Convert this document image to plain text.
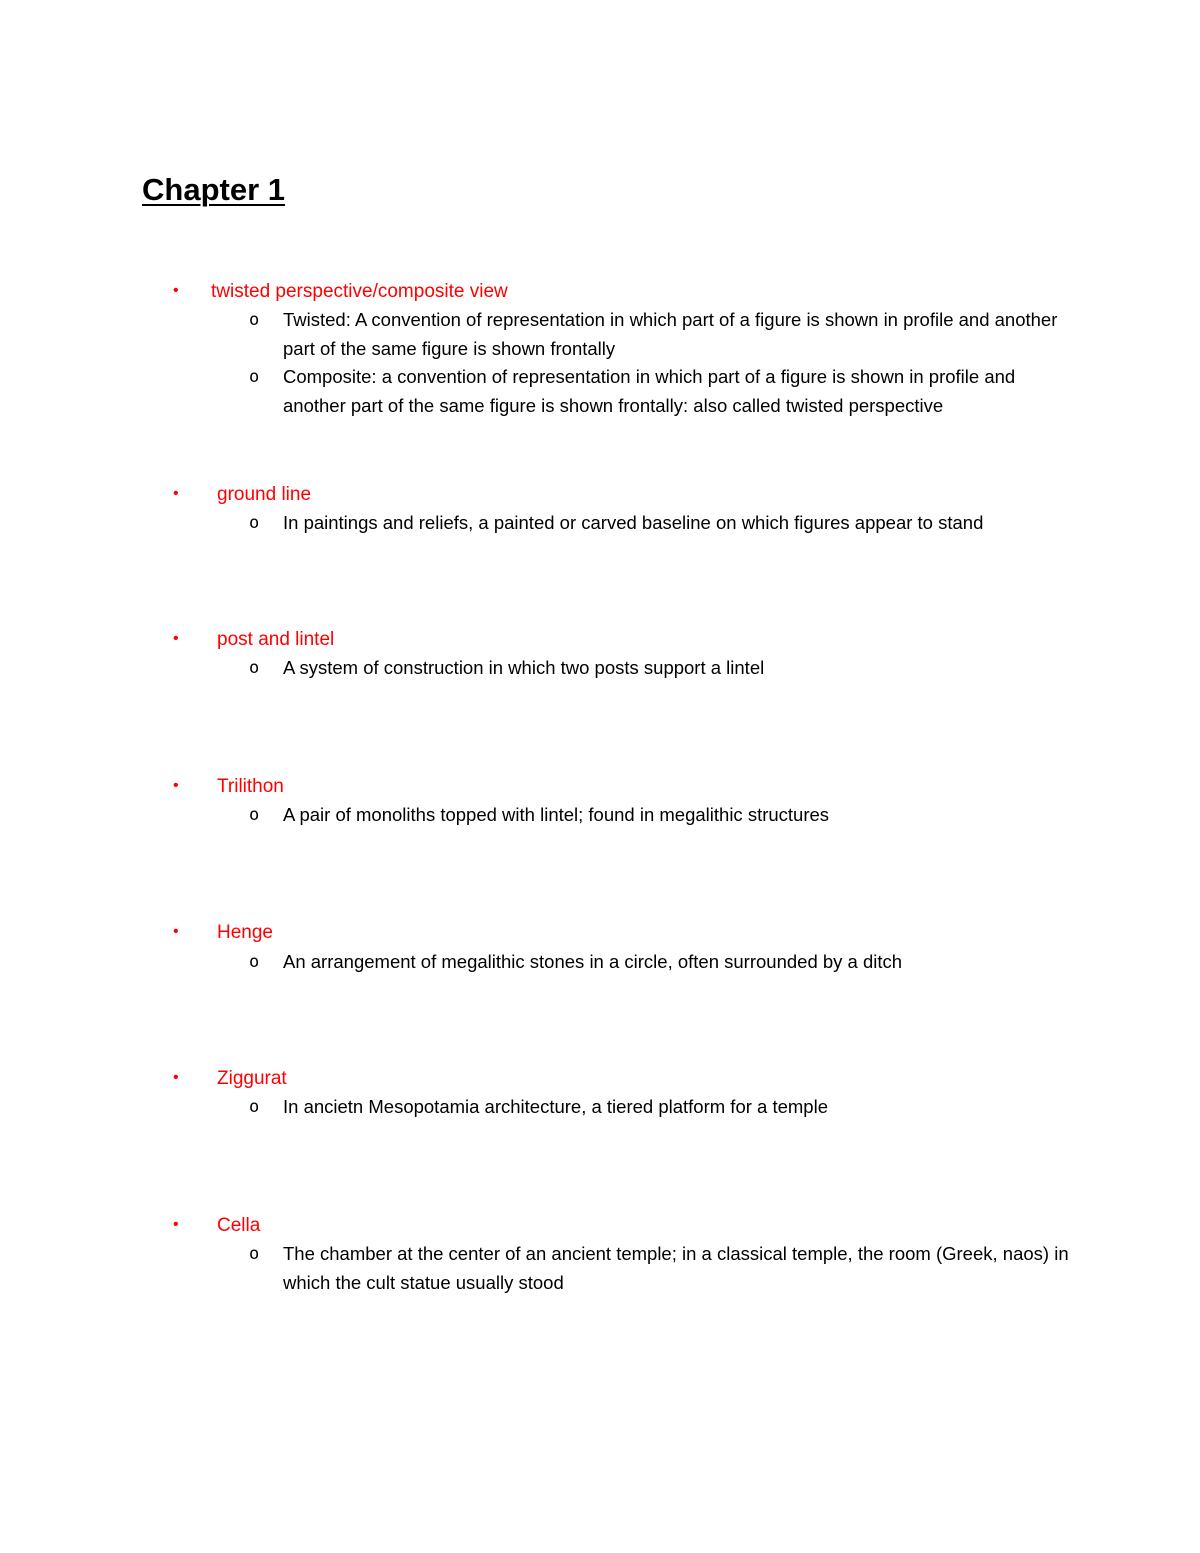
Chapter 1
•	twisted perspective/composite view
o Twisted: A convention of representation in which part of a figure is shown in profile and another part of the same figure is shown frontally
o Composite: a convention of representation in which part of a figure is shown in profile and another part of the same figure is shown frontally: also called twisted perspective
•	ground line
o In paintings and reliefs, a painted or carved baseline on which figures appear to stand
•	post and lintel
o A system of construction in which two posts support a lintel
•	Trilithon
o A pair of monoliths topped with lintel; found in megalithic structures
•	Henge
o An arrangement of megalithic stones in a circle, often surrounded by a ditch
•	Ziggurat
o In ancietn Mesopotamia architecture, a tiered platform for a temple
•	Cella
o The chamber at the center of an ancient temple; in a classical temple, the room (Greek, naos) in which the cult statue usually stood
